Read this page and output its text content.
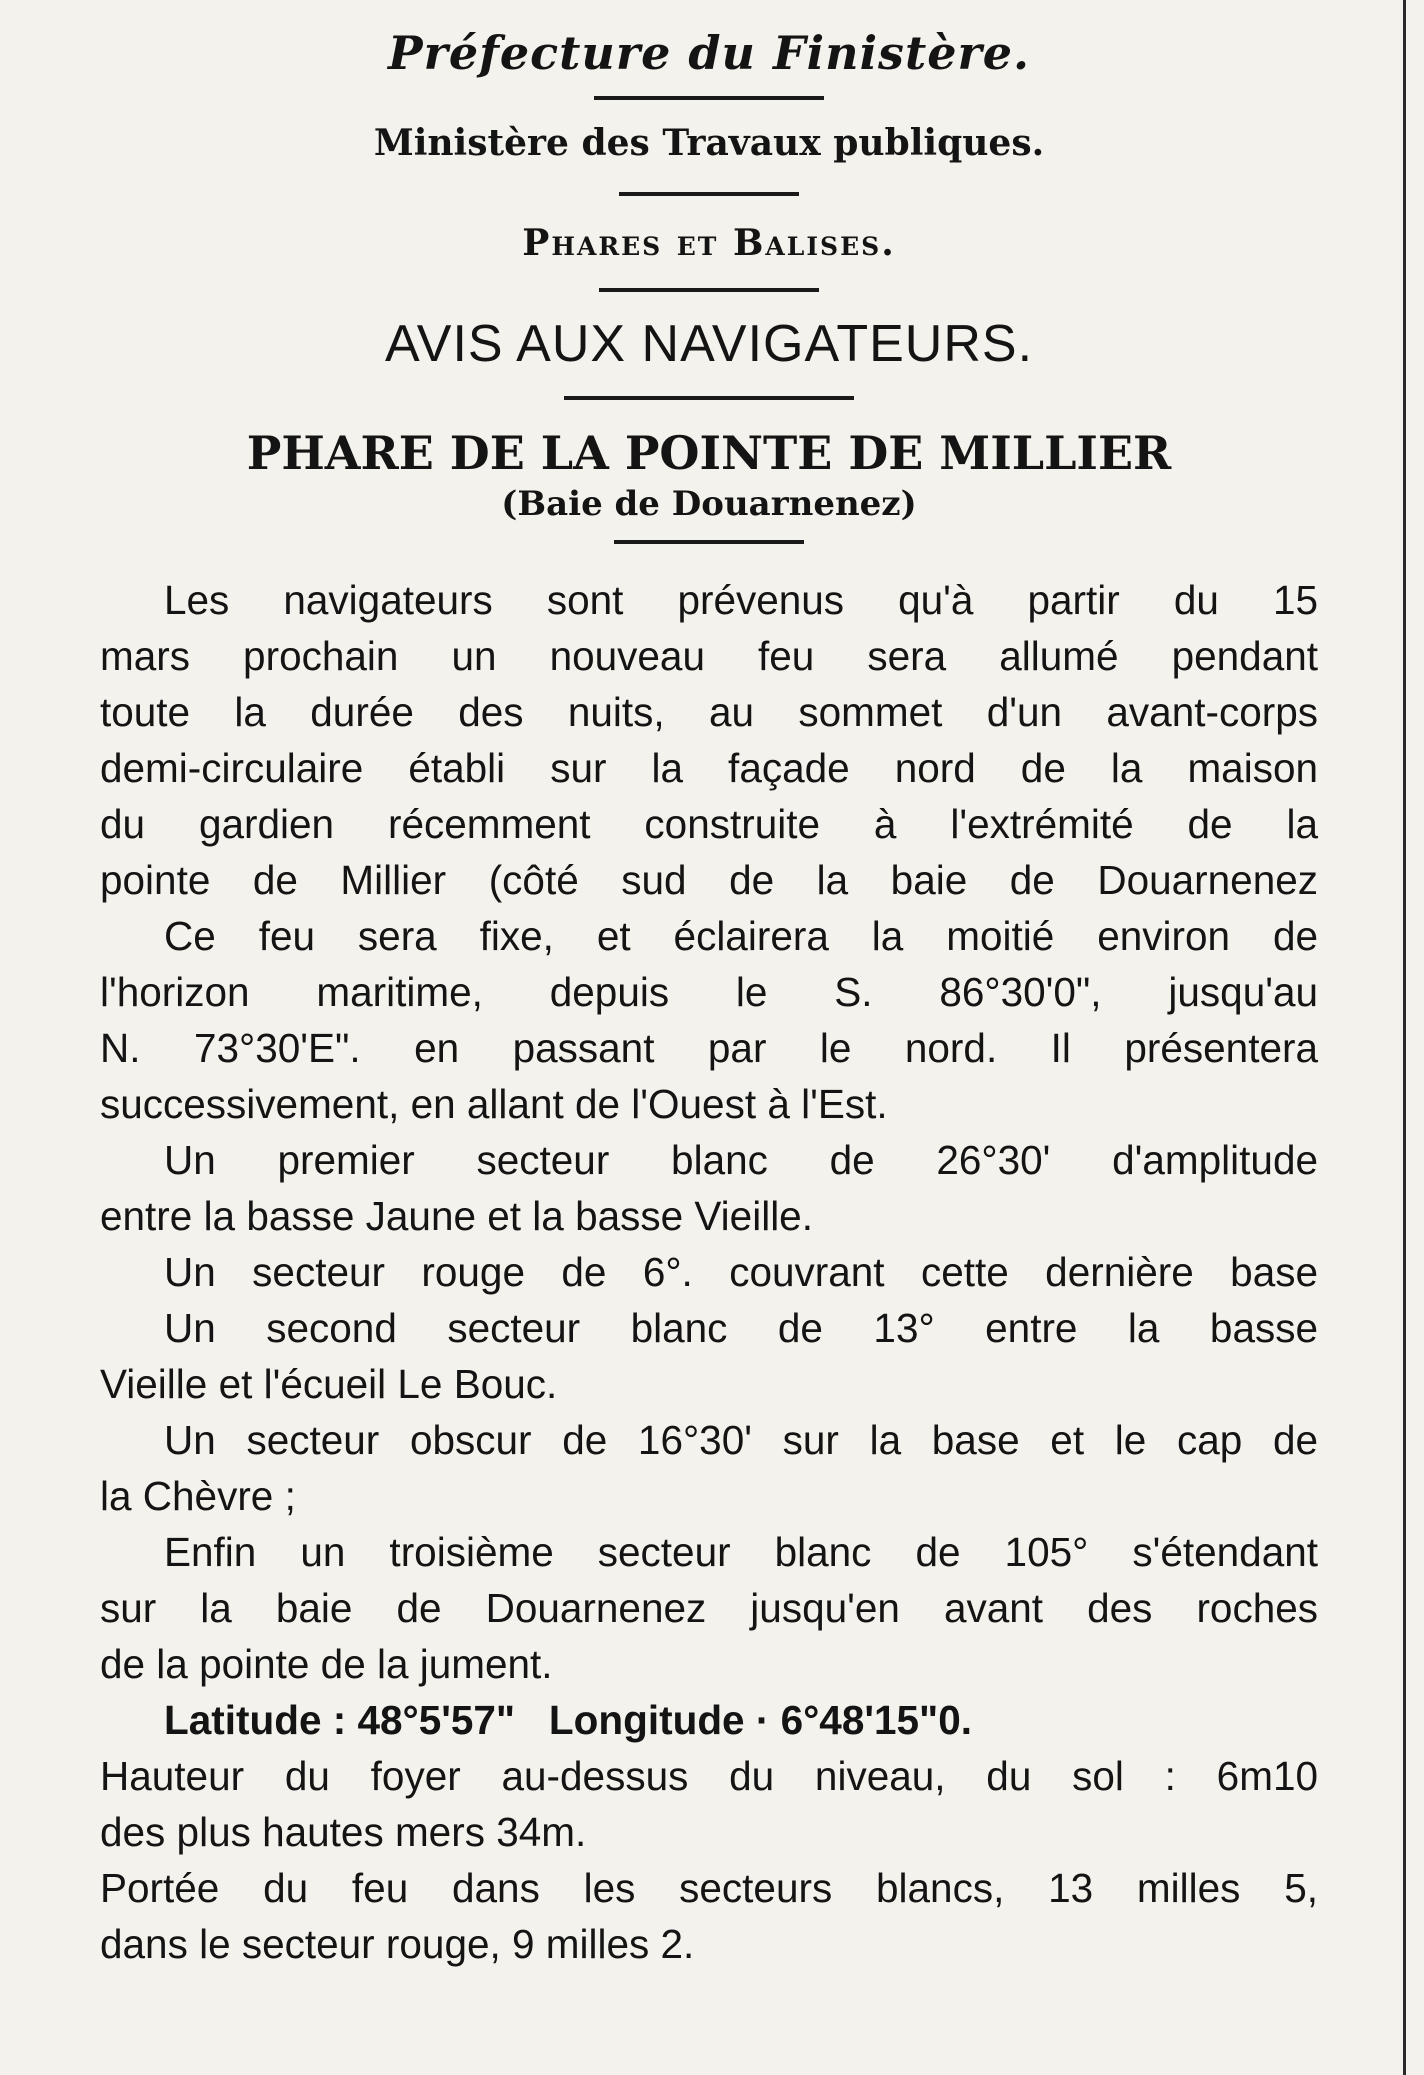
Préfecture du Finistère.
Ministère des Travaux publiques.
Phares et Balises.
AVIS AUX NAVIGATEURS.
PHARE DE LA POINTE DE MILLIER
(Baie de Douarnenez)
Les navigateurs sont prévenus qu'à partir du 15
mars prochain un nouveau feu sera allumé pendant
toute la durée des nuits, au sommet d'un avant-corps
demi-circulaire établi sur la façade nord de la maison
du gardien récemment construite à l'extrémité de la
pointe de Millier (côté sud de la baie de Douarnenez
Ce feu sera fixe, et éclairera la moitié environ de
l'horizon maritime, depuis le S. 86°30'0", jusqu'au
N. 73°30'E". en passant par le nord. Il présentera
successivement, en allant de l'Ouest à l'Est.
Un premier secteur blanc de 26°30' d'amplitude
entre la basse Jaune et la basse Vieille.
Un secteur rouge de 6°. couvrant cette dernière base
Un second secteur blanc de 13° entre la basse
Vieille et l'écueil Le Bouc.
Un secteur obscur de 16°30' sur la base et le cap de
la Chèvre ;
Enfin un troisième secteur blanc de 105° s'étendant
sur la baie de Douarnenez jusqu'en avant des roches
de la pointe de la jument.
Latitude : 48°5'57"   Longitude · 6°48'15"0.
Hauteur du foyer au-dessus du niveau, du sol : 6m10
des plus hautes mers 34m.
Portée du feu dans les secteurs blancs, 13 milles 5,
dans le secteur rouge, 9 milles 2.
